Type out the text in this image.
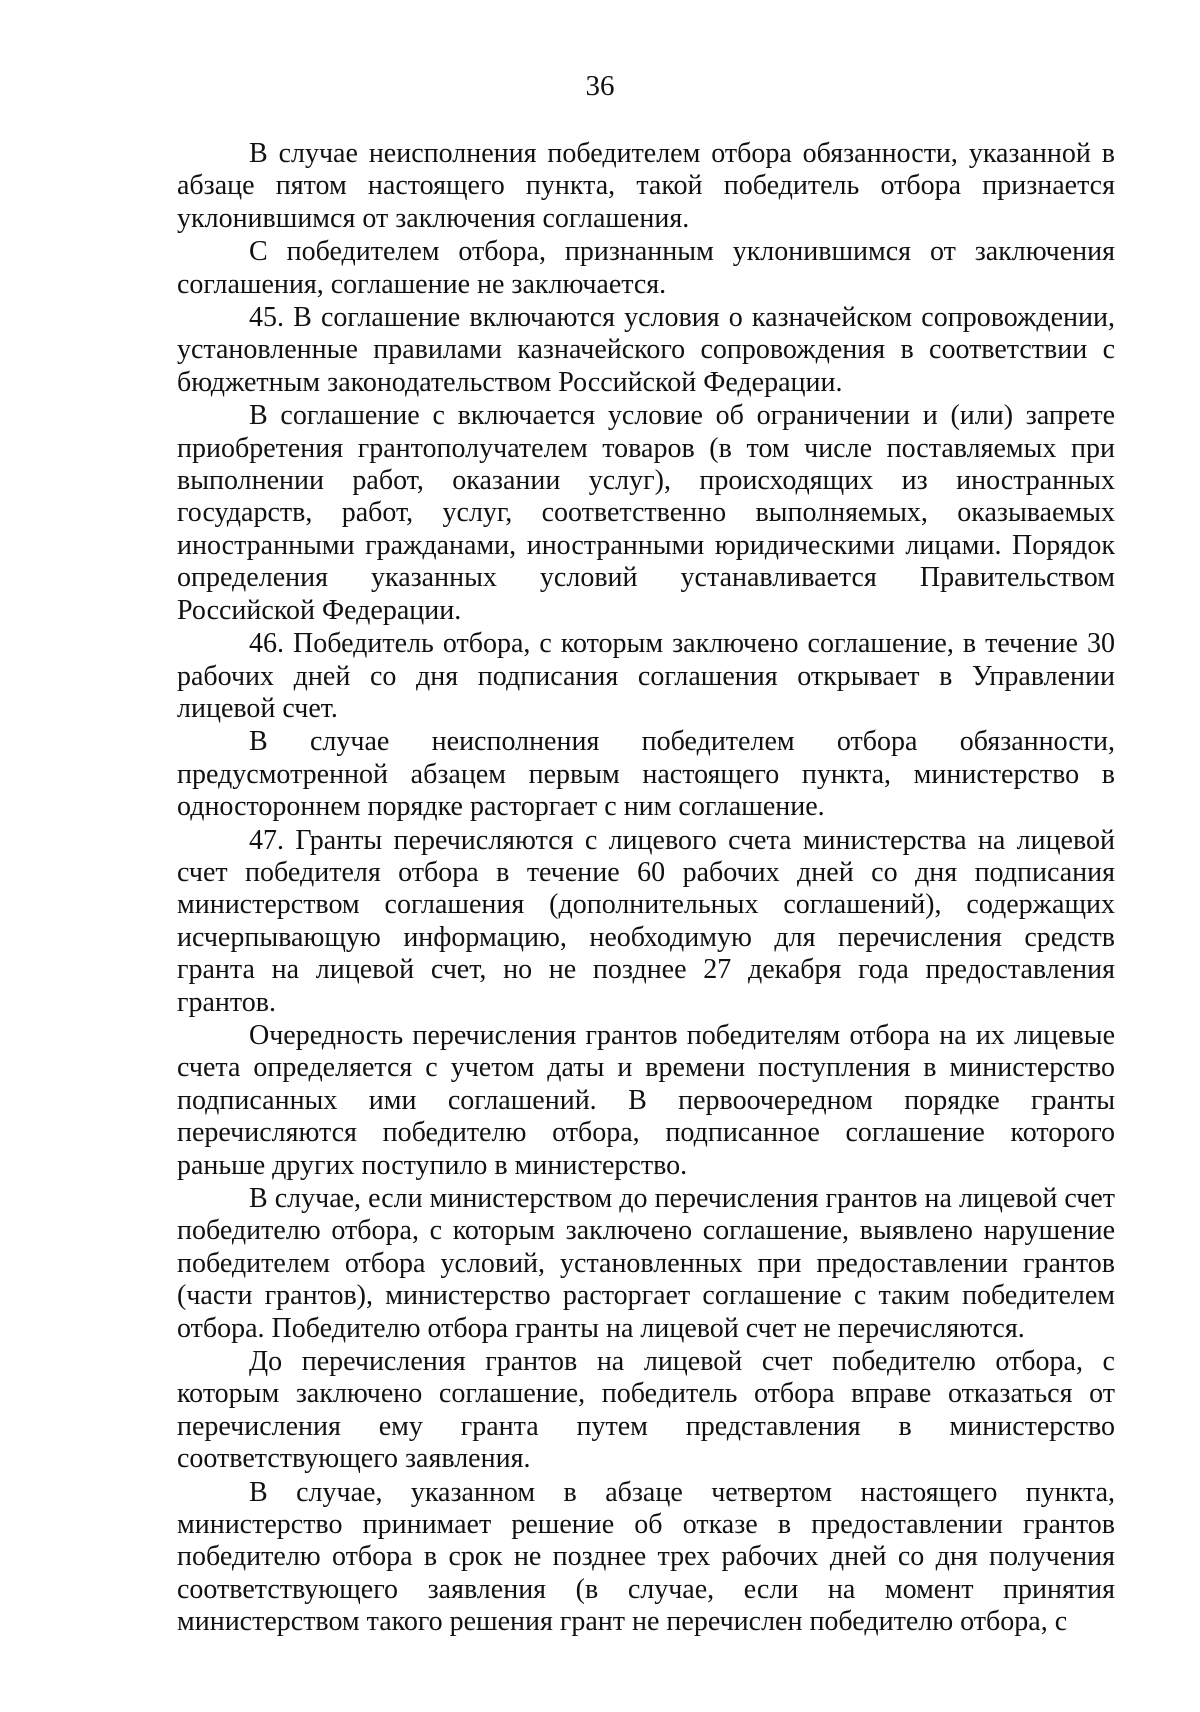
36

В случае неисполнения победителем отбора обязанности, указанной в абзаце пятом настоящего пункта, такой победитель отбора признается уклонившимся от заключения соглашения.

С победителем отбора, признанным уклонившимся от заключения соглашения, соглашение не заключается.

45. В соглашение включаются условия о казначейском сопровождении, установленные правилами казначейского сопровождения в соответствии с бюджетным законодательством Российской Федерации.

В соглашение с включается условие об ограничении и (или) запрете приобретения грантополучателем товаров (в том числе поставляемых при выполнении работ, оказании услуг), происходящих из иностранных государств, работ, услуг, соответственно выполняемых, оказываемых иностранными гражданами, иностранными юридическими лицами. Порядок определения указанных условий устанавливается Правительством Российской Федерации.

46. Победитель отбора, с которым заключено соглашение, в течение 30 рабочих дней со дня подписания соглашения открывает в Управлении лицевой счет.

В случае неисполнения победителем отбора обязанности, предусмотренной абзацем первым настоящего пункта, министерство в одностороннем порядке расторгает с ним соглашение.

47. Гранты перечисляются с лицевого счета министерства на лицевой счет победителя отбора в течение 60 рабочих дней со дня подписания министерством соглашения (дополнительных соглашений), содержащих исчерпывающую информацию, необходимую для перечисления средств гранта на лицевой счет, но не позднее 27 декабря года предоставления грантов.

Очередность перечисления грантов победителям отбора на их лицевые счета определяется с учетом даты и времени поступления в министерство подписанных ими соглашений. В первоочередном порядке гранты перечисляются победителю отбора, подписанное соглашение которого раньше других поступило в министерство.

В случае, если министерством до перечисления грантов на лицевой счет победителю отбора, с которым заключено соглашение, выявлено нарушение победителем отбора условий, установленных при предоставлении грантов (части грантов), министерство расторгает соглашение с таким победителем отбора. Победителю отбора гранты на лицевой счет не перечисляются.

До перечисления грантов на лицевой счет победителю отбора, с которым заключено соглашение, победитель отбора вправе отказаться от перечисления ему гранта путем представления в министерство соответствующего заявления.

В случае, указанном в абзаце четвертом настоящего пункта, министерство принимает решение об отказе в предоставлении грантов победителю отбора в срок не позднее трех рабочих дней со дня получения соответствующего заявления (в случае, если на момент принятия министерством такого решения грант не перечислен победителю отбора, с
